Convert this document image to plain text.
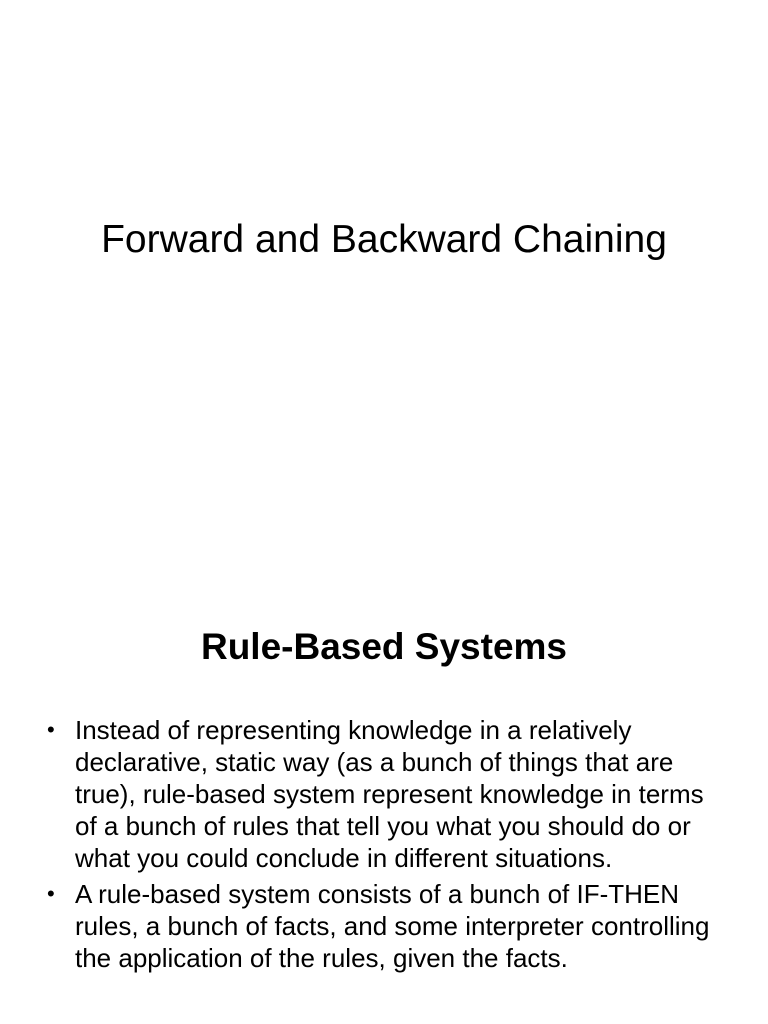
Forward and Backward Chaining
Rule-Based Systems
• Instead of representing knowledge in a relatively declarative, static way (as a bunch of things that are true), rule-based system represent knowledge in terms of a bunch of rules that tell you what you should do or what you could conclude in different situations.
• A rule-based system consists of a bunch of IF-THEN rules, a bunch of facts, and some interpreter controlling the application of the rules, given the facts.
